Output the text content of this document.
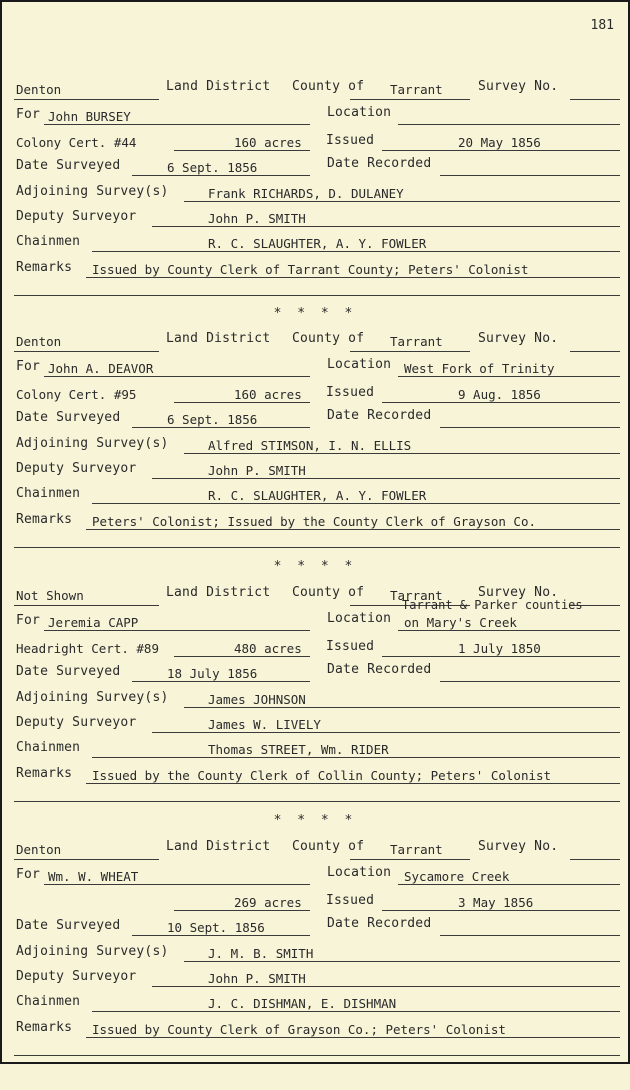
181
Denton	Land District County of Tarrant	Survey No.
For John BURSEY	Location
Colony Cert. #44	160 acres Issued	20 May 1856
Date Surveyed	6 Sept. 1856	Date Recorded
Adjoining Survey(s)	Frank RICHARDS, D. DULANEY
Deputy Surveyor	John P. SMITH
Chainmen	R. C. SLAUGHTER, A. Y. FOWLER
Remarks Issued by County Clerk of Tarrant County; Peters' Colonist
Denton	Land District County of Tarrant	Survey No.
For John A. DEAVOR	Location West Fork of Trinity
Colony Cert. #95	160 acres Issued	9 Aug. 1856
Date Surveyed	6 Sept. 1856	Date Recorded
Adjoining Survey(s)	Alfred STIMSON, I. N. ELLIS
Deputy Surveyor	John P. SMITH
Chainmen	R. C. SLAUGHTER, A. Y. FOWLER
Remarks Peters' Colonist; Issued by the County Clerk of Grayson Co.
Not Shown	Land District County of Tarrant	Survey No.
For Jeremia CAPP	Location on Mary's Creek
Tarrant & Parker counties
Headright Cert. #89	480 acres Issued	1 July 1850
Date Surveyed	18 July 1856	Date Recorded
Adjoining Survey(s)	James JOHNSON
Deputy Surveyor	James W. LIVELY
Chainmen	Thomas STREET, Wm. RIDER
Remarks Issued by the County Clerk of Collin County; Peters' Colonist
Denton	Land District County of Tarrant	Survey No.
For Wm. W. WHEAT	Location Sycamore Creek
269 acres Issued	3 May 1856
Date Surveyed	10 Sept. 1856	Date Recorded
Adjoining Survey(s)	J. M. B. SMITH
Deputy Surveyor	John P. SMITH
Chainmen	J. C. DISHMAN, E. DISHMAN
Remarks Issued by County Clerk of Grayson Co.; Peters' Colonist
* * * *
* * * *
* * * *
